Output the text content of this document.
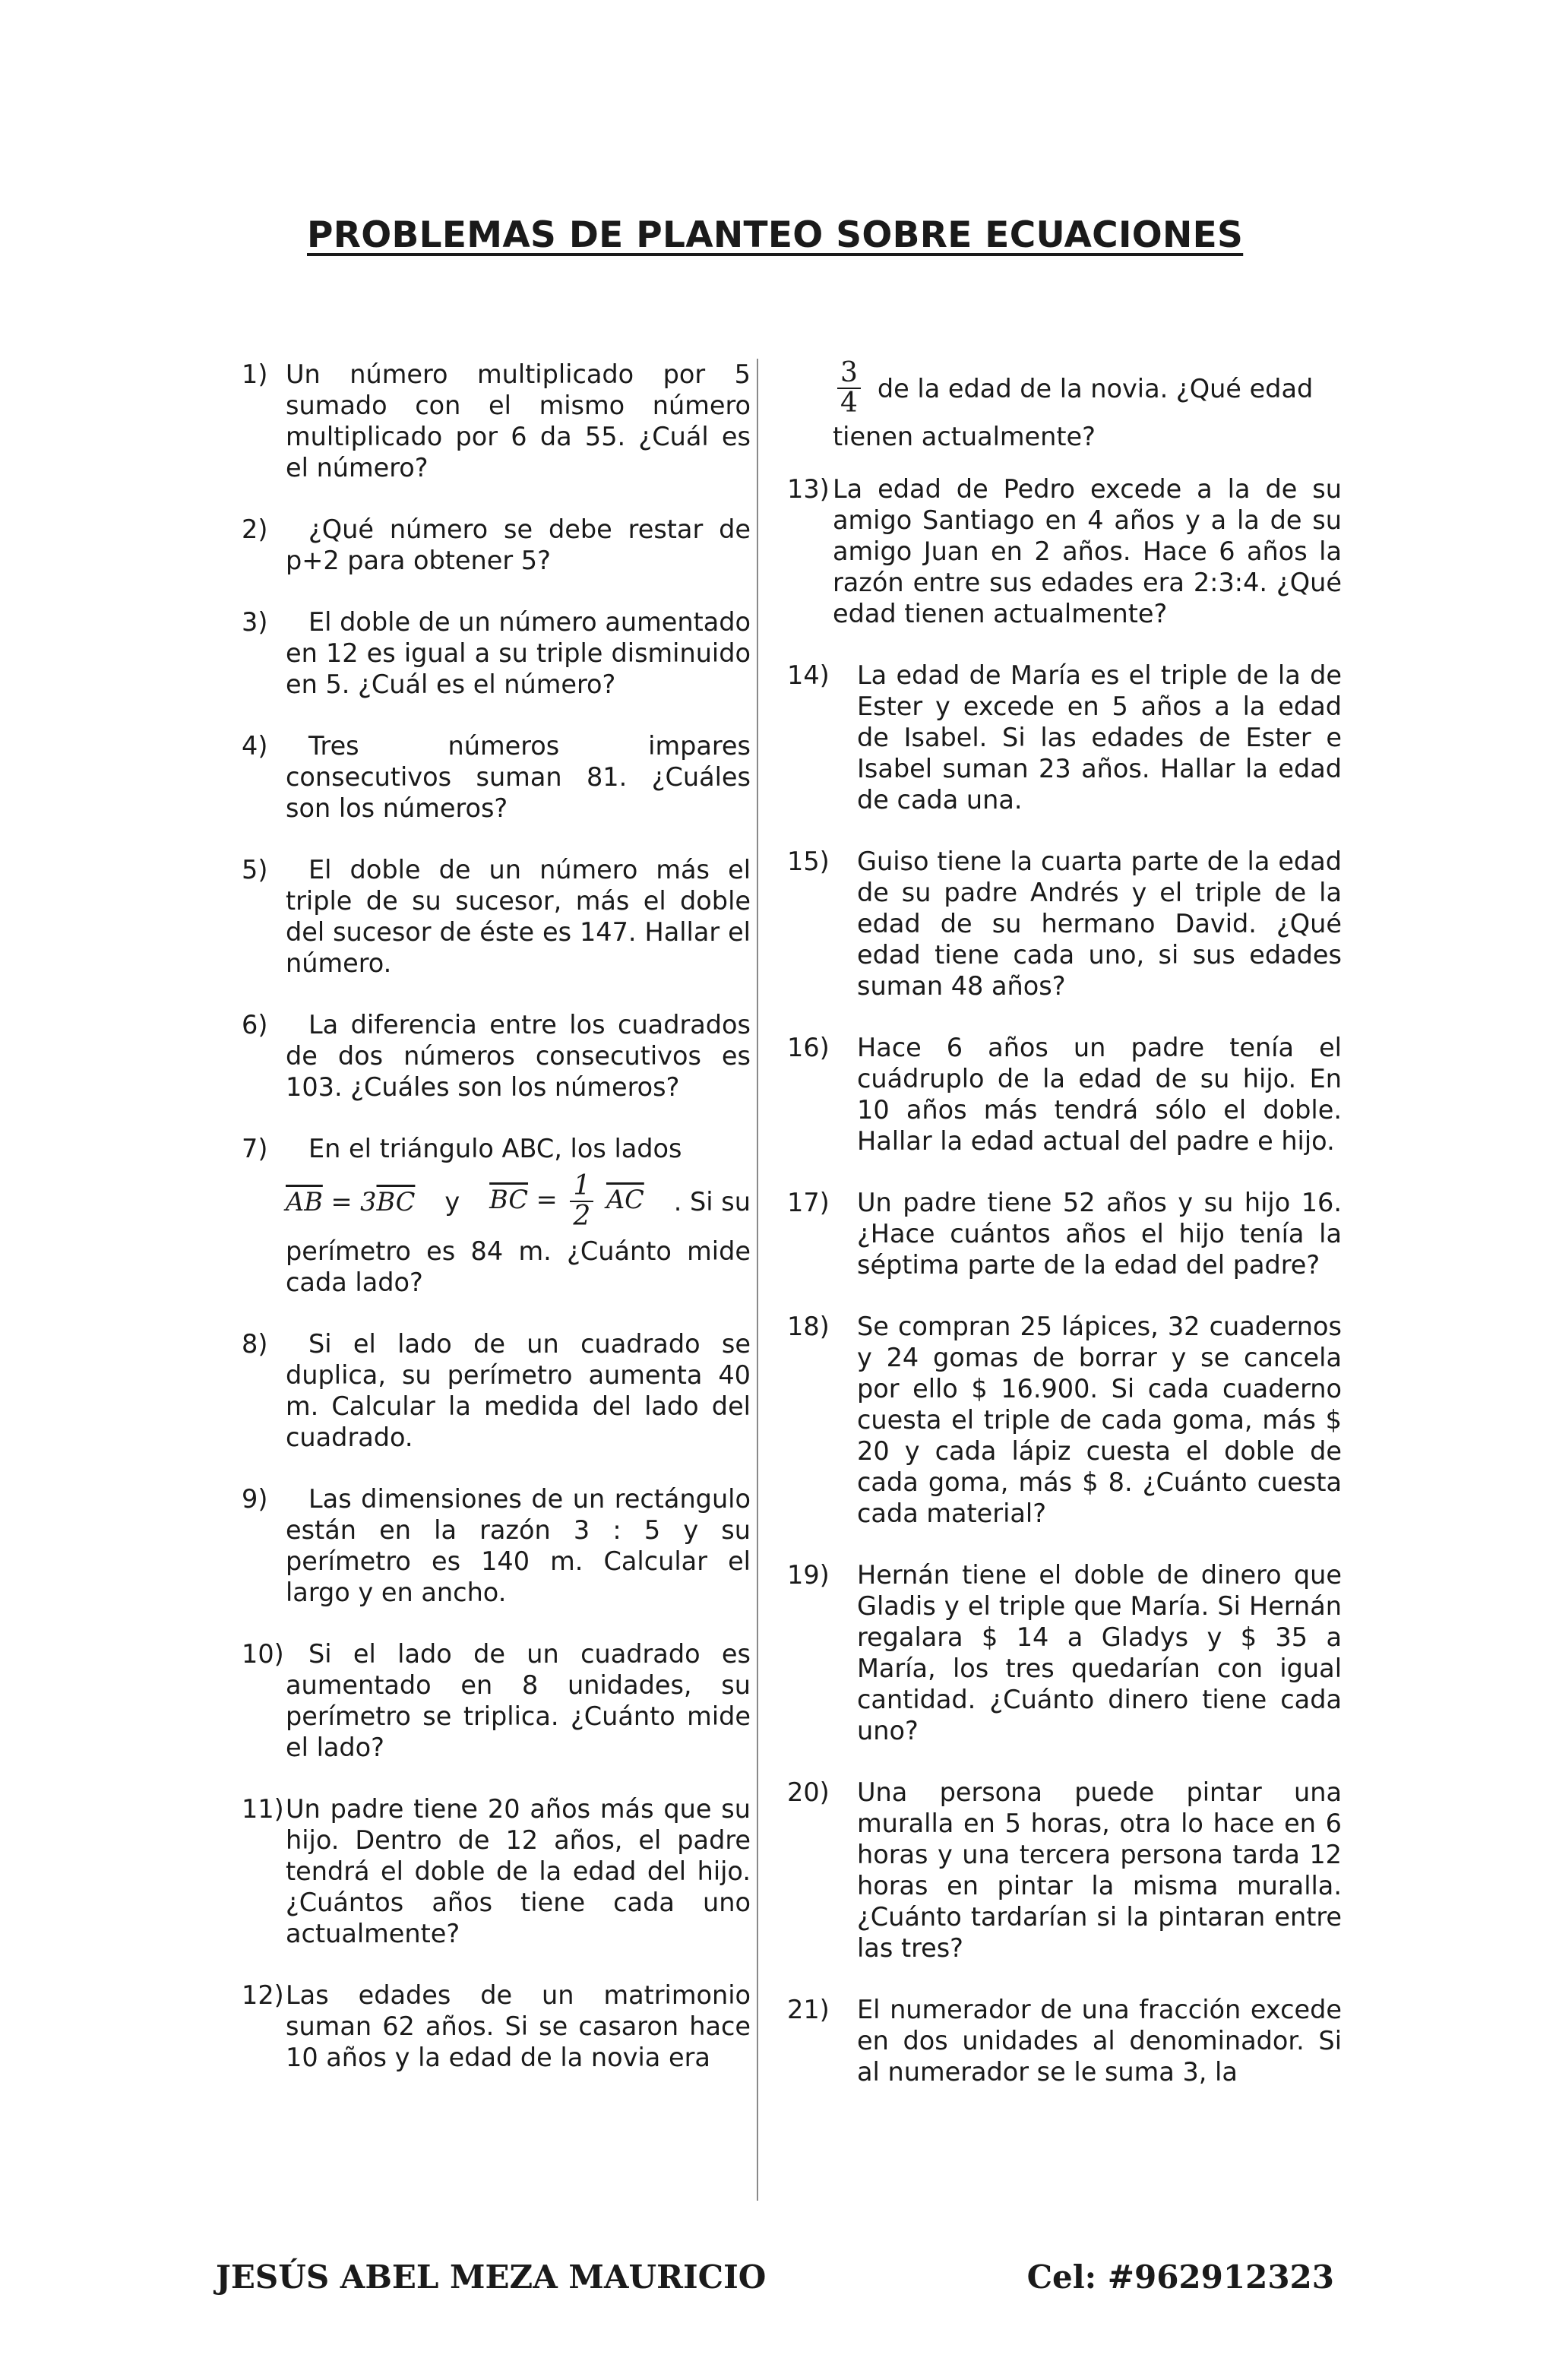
PROBLEMAS DE PLANTEO SOBRE ECUACIONES
1) Un número multiplicado por 5 sumado con el mismo número multiplicado por 6 da 55. ¿Cuál es el número?
2)	¿Qué número se debe restar de p+2 para obtener 5?
3)	El doble de un número aumentado en 12 es igual a su triple disminuido en 5. ¿Cuál es el número?
4)	Tres números impares consecutivos suman 81. ¿Cuáles son los números?
5)	El doble de un número más el triple de su sucesor, más el doble del sucesor de éste es 147. Hallar el número.
6)	La diferencia entre los cuadrados de dos números consecutivos es 103. ¿Cuáles son los números?
7)	En el triángulo ABC, los lados
$\overline{AB} = 3\overline{BC}$ y $\overline{BC} = \frac{1}{2} \overline{AC}$ . Si su
perímetro es 84 m. ¿Cuánto mide cada lado?
8)	Si el lado de un cuadrado se duplica, su perímetro aumenta 40 m. Calcular la medida del lado del cuadrado.
9)	Las dimensiones de un rectángulo están en la razón 3 : 5 y su perímetro es 140 m. Calcular el largo y en ancho.
10) Si el lado de un cuadrado es aumentado en 8 unidades, su perímetro se triplica. ¿Cuánto mide el lado?
11) Un padre tiene 20 años más que su hijo. Dentro de 12 años, el padre tendrá el doble de la edad del hijo. ¿Cuántos años tiene cada uno actualmente?
12) Las edades de un matrimonio suman 62 años. Si se casaron hace 10 años y la edad de la novia era
$\frac{3}{4}$ de la edad de la novia. ¿Qué edad
tienen actualmente?
13) La edad de Pedro excede a la de su amigo Santiago en 4 años y a la de su amigo Juan en 2 años. Hace 6 años la razón entre sus edades era 2:3:4. ¿Qué edad tienen actualmente?
14) La edad de María es el triple de la de Ester y excede en 5 años a la edad de Isabel. Si las edades de Ester e Isabel suman 23 años. Hallar la edad de cada una.
15) Guiso tiene la cuarta parte de la edad de su padre Andrés y el triple de la edad de su hermano David. ¿Qué edad tiene cada uno, si sus edades suman 48 años?
16) Hace 6 años un padre tenía el cuádruplo de la edad de su hijo. En 10 años más tendrá sólo el doble. Hallar la edad actual del padre e hijo.
17) Un padre tiene 52 años y su hijo 16. ¿Hace cuántos años el hijo tenía la séptima parte de la edad del padre?
18) Se compran 25 lápices, 32 cuadernos y 24 gomas de borrar y se cancela por ello $ 16.900. Si cada cuaderno cuesta el triple de cada goma, más $ 20 y cada lápiz cuesta el doble de cada goma, más $ 8. ¿Cuánto cuesta cada material?
19) Hernán tiene el doble de dinero que Gladis y el triple que María. Si Hernán regalara $ 14 a Gladys y $ 35 a María, los tres quedarían con igual cantidad. ¿Cuánto dinero tiene cada uno?
20) Una persona puede pintar una muralla en 5 horas, otra lo hace en 6 horas y una tercera persona tarda 12 horas en pintar la misma muralla. ¿Cuánto tardarían si la pintaran entre las tres?
21) El numerador de una fracción excede en dos unidades al denominador. Si al numerador se le suma 3, la
JESÚS ABEL MEZA MAURICIO	Cel: #962912323
